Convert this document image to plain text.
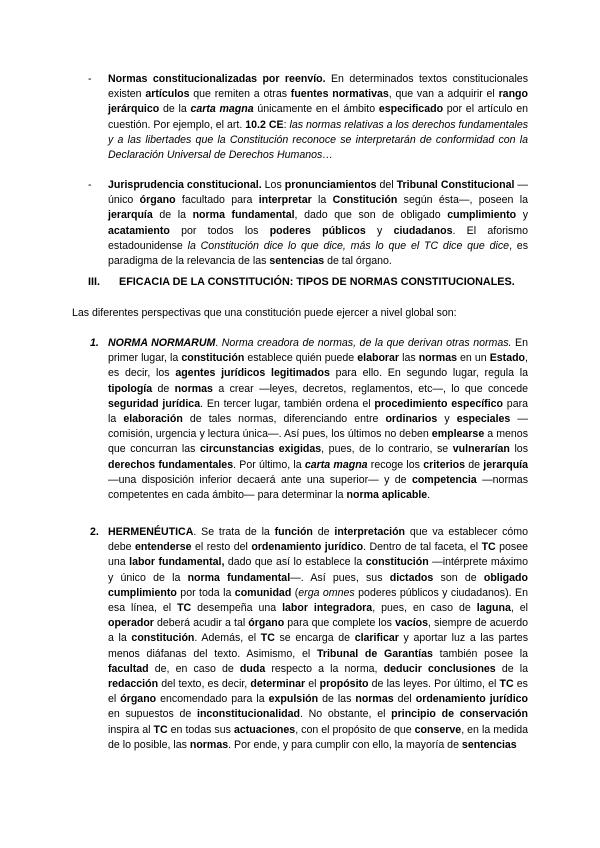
-	Normas constitucionalizadas por reenvío. En determinados textos constitucionales existen artículos que remiten a otras fuentes normativas, que van a adquirir el rango jerárquico de la carta magna únicamente en el ámbito especificado por el artículo en cuestión. Por ejemplo, el art. 10.2 CE: las normas relativas a los derechos fundamentales y a las libertades que la Constitución reconoce se interpretarán de conformidad con la Declaración Universal de Derechos Humanos…
-	Jurisprudencia constitucional. Los pronunciamientos del Tribunal Constitucional —único órgano facultado para interpretar la Constitución según ésta—, poseen la jerarquía de la norma fundamental, dado que son de obligado cumplimiento y acatamiento por todos los poderes públicos y ciudadanos. El aforismo estadounidense la Constitución dice lo que dice, más lo que el TC dice que dice, es paradigma de la relevancia de las sentencias de tal órgano.
III. EFICACIA DE LA CONSTITUCIÓN: TIPOS DE NORMAS CONSTITUCIONALES.
Las diferentes perspectivas que una constitución puede ejercer a nivel global son:
1. NORMA NORMARUM. Norma creadora de normas, de la que derivan otras normas. En primer lugar, la constitución establece quién puede elaborar las normas en un Estado, es decir, los agentes jurídicos legitimados para ello. En segundo lugar, regula la tipología de normas a crear —leyes, decretos, reglamentos, etc—, lo que concede seguridad jurídica. En tercer lugar, también ordena el procedimiento específico para la elaboración de tales normas, diferenciando entre ordinarios y especiales —comisión, urgencia y lectura única—. Así pues, los últimos no deben emplearse a menos que concurran las circunstancias exigidas, pues, de lo contrario, se vulnerarían los derechos fundamentales. Por último, la carta magna recoge los criterios de jerarquía —una disposición inferior decaerá ante una superior— y de competencia —normas competentes en cada ámbito— para determinar la norma aplicable.
2. HERMENÉUTICA. Se trata de la función de interpretación que va establecer cómo debe entenderse el resto del ordenamiento jurídico. Dentro de tal faceta, el TC posee una labor fundamental, dado que así lo establece la constitución —intérprete máximo y único de la norma fundamental—. Así pues, sus dictados son de obligado cumplimiento por toda la comunidad (erga omnes poderes públicos y ciudadanos). En esa línea, el TC desempeña una labor integradora, pues, en caso de laguna, el operador deberá acudir a tal órgano para que complete los vacíos, siempre de acuerdo a la constitución. Además, el TC se encarga de clarificar y aportar luz a las partes menos diáfanas del texto. Asimismo, el Tribunal de Garantías también posee la facultad de, en caso de duda respecto a la norma, deducir conclusiones de la redacción del texto, es decir, determinar el propósito de las leyes. Por último, el TC es el órgano encomendado para la expulsión de las normas del ordenamiento jurídico en supuestos de inconstitucionalidad. No obstante, el principio de conservación inspira al TC en todas sus actuaciones, con el propósito de que conserve, en la medida de lo posible, las normas. Por ende, y para cumplir con ello, la mayoría de sentencias
